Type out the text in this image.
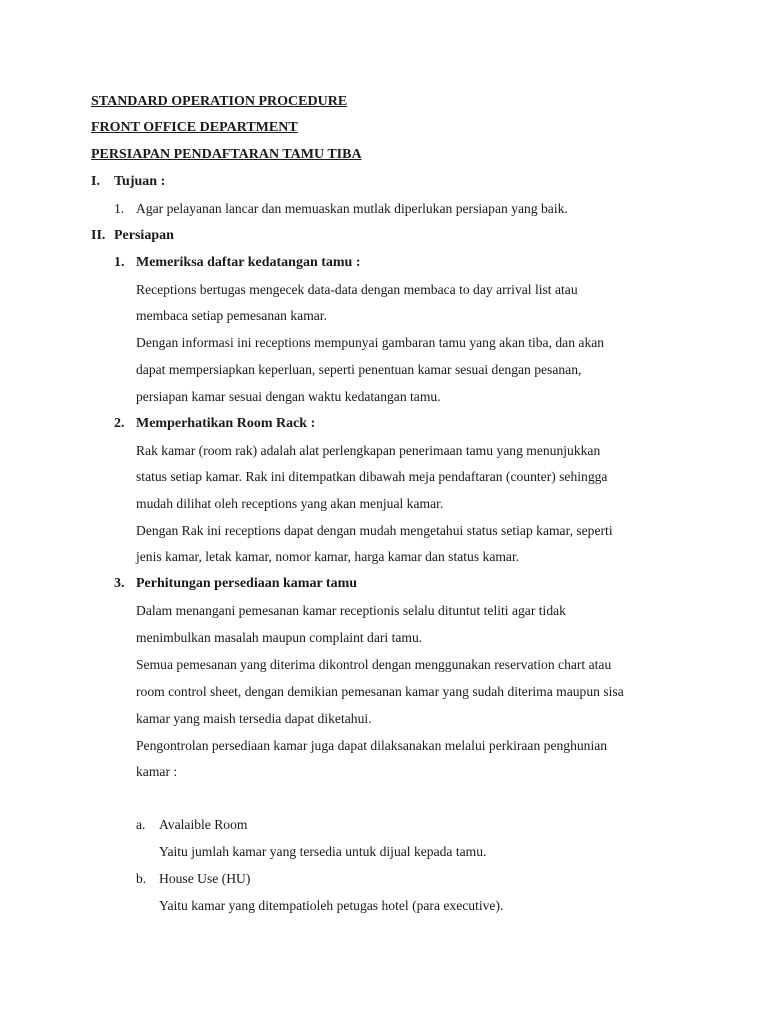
STANDARD OPERATION PROCEDURE
FRONT OFFICE DEPARTMENT
PERSIAPAN PENDAFTARAN TAMU TIBA
I. Tujuan :
1. Agar pelayanan lancar dan memuaskan mutlak diperlukan persiapan yang baik.
II. Persiapan
1. Memeriksa daftar kedatangan tamu :
Receptions bertugas mengecek data-data dengan membaca to day arrival list atau
membaca setiap pemesanan kamar.
Dengan informasi ini receptions mempunyai gambaran tamu yang akan tiba, dan akan
dapat mempersiapkan keperluan, seperti penentuan kamar sesuai dengan pesanan,
persiapan kamar sesuai dengan waktu kedatangan tamu.
2. Memperhatikan Room Rack :
Rak kamar (room rak) adalah alat perlengkapan penerimaan tamu yang menunjukkan
status setiap kamar. Rak ini ditempatkan dibawah meja pendaftaran (counter) sehingga
mudah dilihat oleh receptions yang akan menjual kamar.
Dengan Rak ini receptions dapat dengan mudah mengetahui status setiap kamar, seperti
jenis kamar, letak kamar, nomor kamar, harga kamar dan status kamar.
3. Perhitungan persediaan kamar tamu
Dalam menangani pemesanan kamar receptionis selalu dituntut teliti agar tidak
menimbulkan masalah maupun complaint dari tamu.
Semua pemesanan yang diterima dikontrol dengan menggunakan reservation chart atau
room control sheet, dengan demikian pemesanan kamar yang sudah diterima maupun sisa
kamar yang maish tersedia dapat diketahui.
Pengontrolan persediaan kamar juga dapat dilaksanakan melalui perkiraan penghunian
kamar :
a. Avalaible Room
Yaitu jumlah kamar yang tersedia untuk dijual kepada tamu.
b. House Use (HU)
Yaitu kamar yang ditempatioleh petugas hotel (para executive).
